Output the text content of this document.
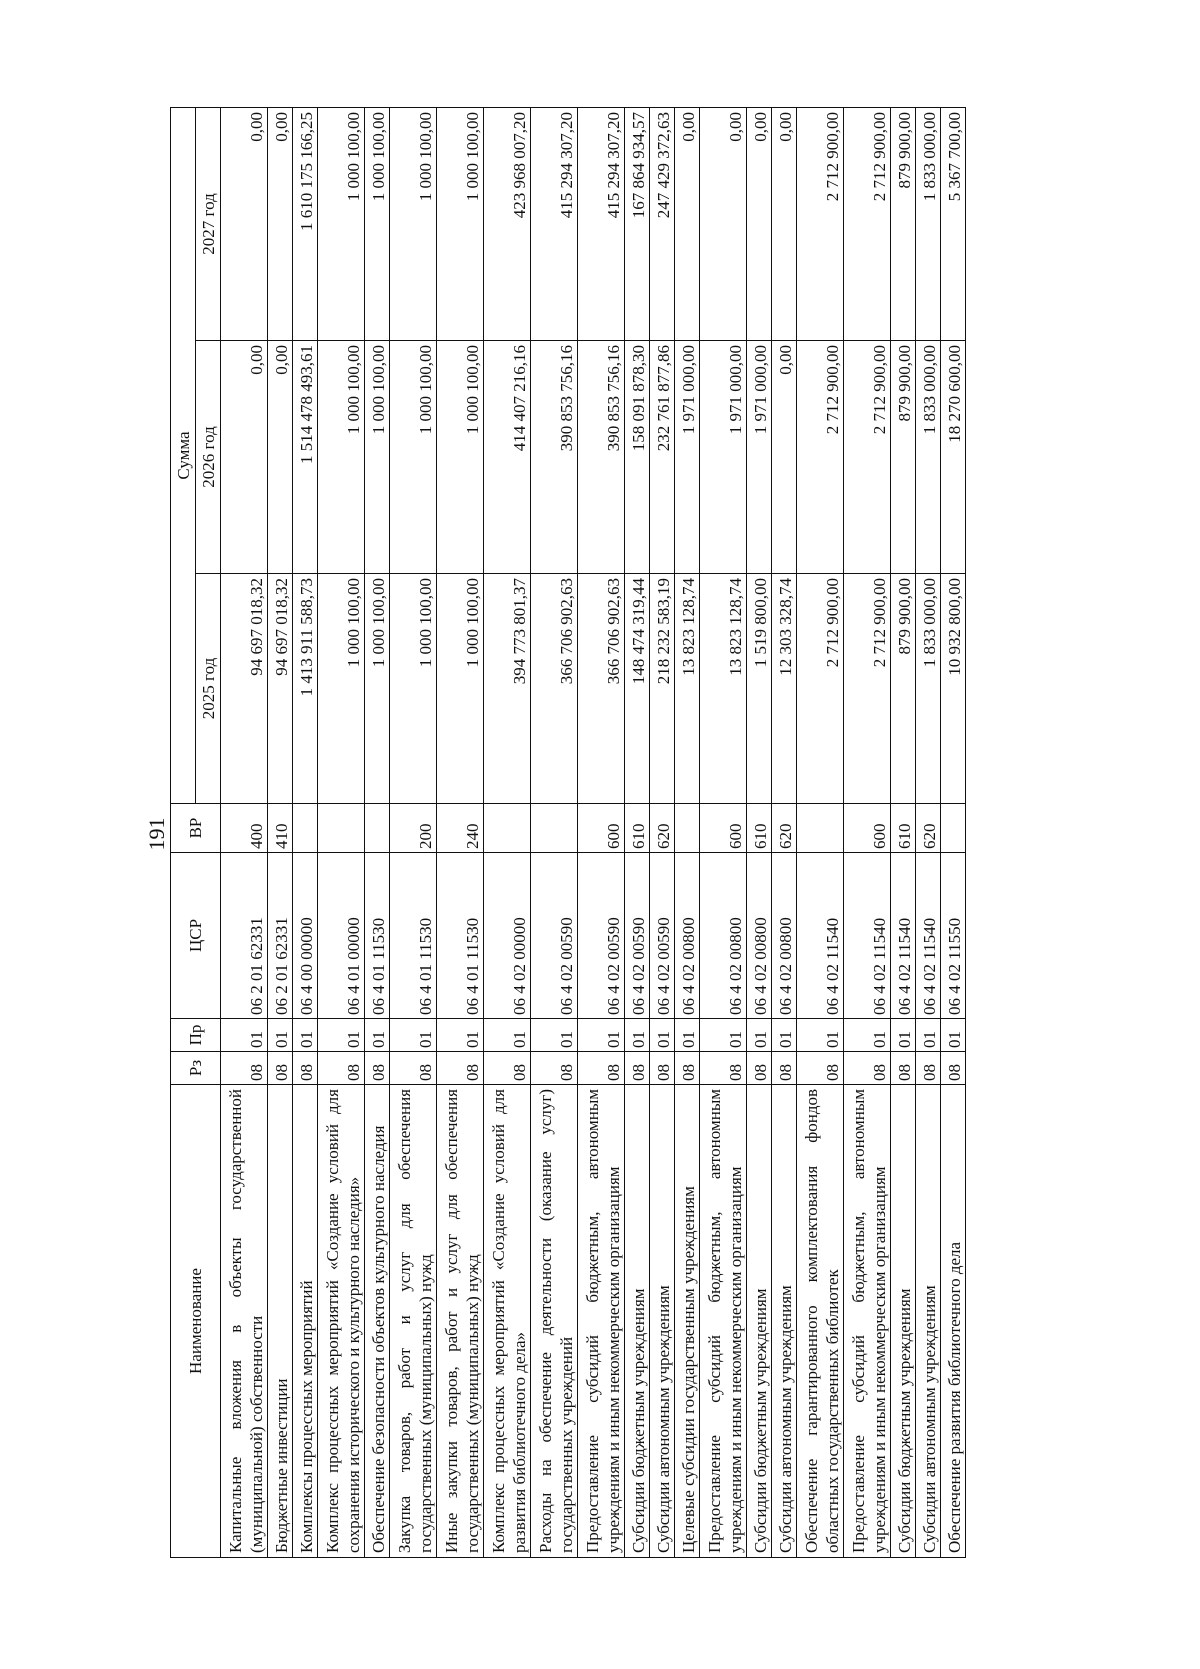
191
Наименование	Рз	Пр	ЦСР	ВР	Сумма		
					2025 год	2026 год	2027 год
Капитальные вложения в объекты государственной (муниципальной) собственности	08	01	06 2 01 62331	400	94 697 018,32	0,00	0,00
Бюджетные инвестиции	08	01	06 2 01 62331	410	94 697 018,32	0,00	0,00
Комплексы процессных мероприятий	08	01	06 4 00 00000		1 413 911 588,73	1 514 478 493,61	1 610 175 166,25
Комплекс процессных мероприятий «Создание условий для сохранения исторического и культурного наследия»	08	01	06 4 01 00000		1 000 100,00	1 000 100,00	1 000 100,00
Обеспечение безопасности объектов культурного наследия	08	01	06 4 01 11530		1 000 100,00	1 000 100,00	1 000 100,00
Закупка товаров, работ и услуг для обеспечения государственных (муниципальных) нужд	08	01	06 4 01 11530	200	1 000 100,00	1 000 100,00	1 000 100,00
Иные закупки товаров, работ и услуг для обеспечения государственных (муниципальных) нужд	08	01	06 4 01 11530	240	1 000 100,00	1 000 100,00	1 000 100,00
Комплекс процессных мероприятий «Создание условий для развития библиотечного дела»	08	01	06 4 02 00000		394 773 801,37	414 407 216,16	423 968 007,20
Расходы на обеспечение деятельности (оказание услуг) государственных учреждений	08	01	06 4 02 00590		366 706 902,63	390 853 756,16	415 294 307,20
Предоставление субсидий бюджетным, автономным учреждениям и иным некоммерческим организациям	08	01	06 4 02 00590	600	366 706 902,63	390 853 756,16	415 294 307,20
Субсидии бюджетным учреждениям	08	01	06 4 02 00590	610	148 474 319,44	158 091 878,30	167 864 934,57
Субсидии автономным учреждениям	08	01	06 4 02 00590	620	218 232 583,19	232 761 877,86	247 429 372,63
Целевые субсидии государственным учреждениям	08	01	06 4 02 00800		13 823 128,74	1 971 000,00	0,00
Предоставление субсидий бюджетным, автономным учреждениям и иным некоммерческим организациям	08	01	06 4 02 00800	600	13 823 128,74	1 971 000,00	0,00
Субсидии бюджетным учреждениям	08	01	06 4 02 00800	610	1 519 800,00	1 971 000,00	0,00
Субсидии автономным учреждениям	08	01	06 4 02 00800	620	12 303 328,74	0,00	0,00
Обеспечение гарантированного комплектования фондов областных государственных библиотек	08	01	06 4 02 11540		2 712 900,00	2 712 900,00	2 712 900,00
Предоставление субсидий бюджетным, автономным учреждениям и иным некоммерческим организациям	08	01	06 4 02 11540	600	2 712 900,00	2 712 900,00	2 712 900,00
Субсидии бюджетным учреждениям	08	01	06 4 02 11540	610	879 900,00	879 900,00	879 900,00
Субсидии автономным учреждениям	08	01	06 4 02 11540	620	1 833 000,00	1 833 000,00	1 833 000,00
Обеспечение развития библиотечного дела	08	01	06 4 02 11550		10 932 800,00	18 270 600,00	5 367 700,00
